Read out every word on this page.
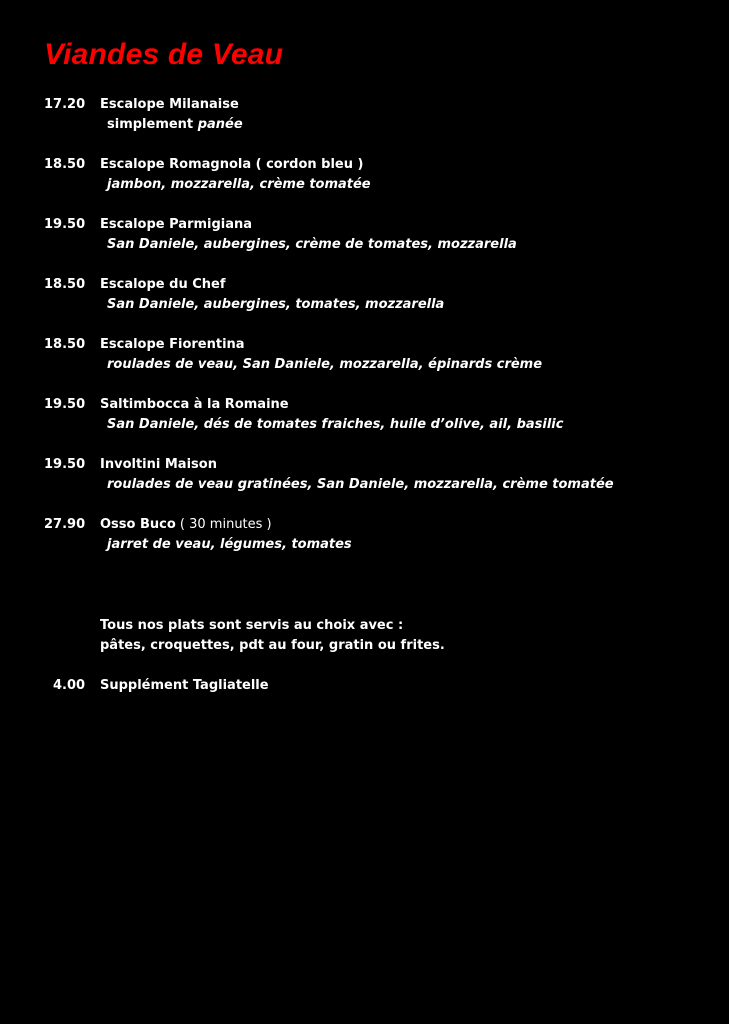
Viandes de Veau
17.20 Escalope Milanaise
simplement panée
18.50 Escalope Romagnola ( cordon bleu )
jambon, mozzarella, crème tomatée
19.50 Escalope Parmigiana
San Daniele, aubergines, crème de tomates, mozzarella
18.50 Escalope du Chef
San Daniele, aubergines, tomates, mozzarella
18.50 Escalope Fiorentina
roulades de veau, San Daniele, mozzarella, épinards crème
19.50 Saltimbocca à la Romaine
San Daniele, dés de tomates fraiches, huile d’olive, ail, basilic
19.50 Involtini Maison
roulades de veau gratinées, San Daniele, mozzarella, crème tomatée
27.90 Osso Buco ( 30 minutes )
jarret de veau, légumes, tomates
Tous nos plats sont servis au choix avec :
pâtes, croquettes, pdt au four, gratin ou frites.
4.00 Supplément Tagliatelle
